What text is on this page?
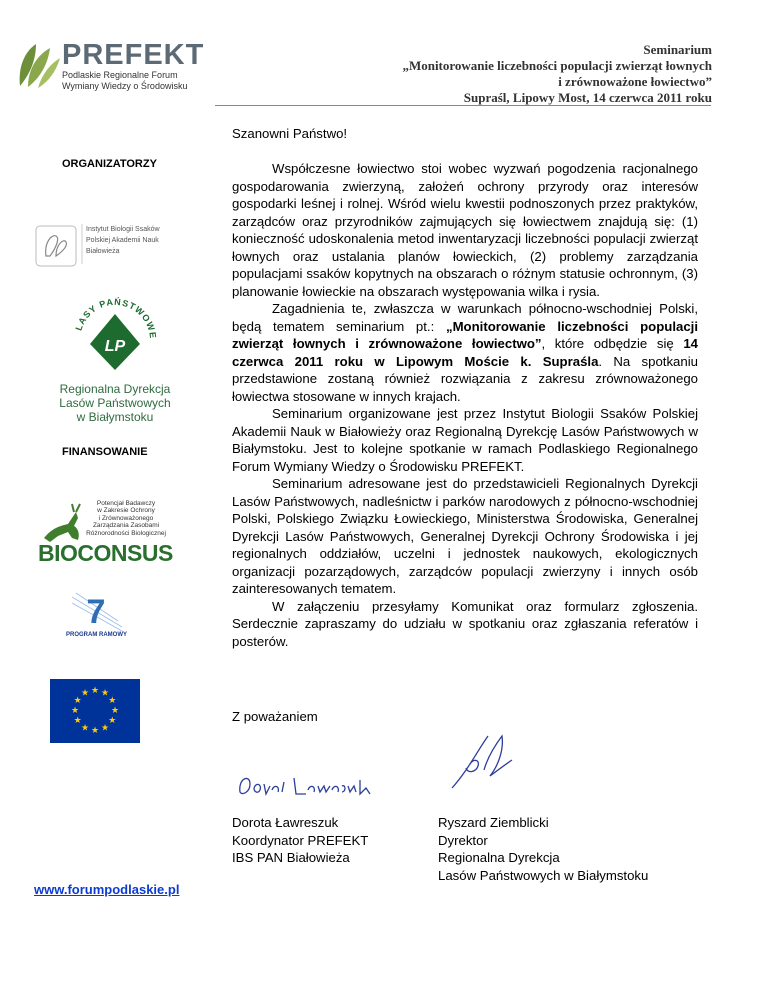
PREFEKT
Podlaskie Regionalne Forum
Wymiany Wiedzy o Środowisku
Seminarium
„Monitorowanie liczebności populacji zwierząt łownych
i zrównoważone łowiectwo”
Supraśl, Lipowy Most, 14 czerwca 2011 roku
ORGANIZATORZY
Instytut Biologii Ssaków
Polskiej Akademii Nauk
Białowieża
LASY PAŃSTWOWE
LP
Regionalna Dyrekcja
Lasów Państwowych
w Białymstoku
FINANSOWANIE
Potencjał Badawczy
w Zakresie Ochrony
i Zrównoważonego
Zarządzania Zasobami
Różnorodności Biologicznej
BIOCONSUS
7
PROGRAM RAMOWY
★ ★
★
★
★
★
★
★
★
★
★
★
www.forumpodlaskie.pl

Szanowni Państwo!

Współczesne łowiectwo stoi wobec wyzwań pogodzenia racjonalnego gospodarowania zwierzyną, założeń ochrony przyrody oraz interesów gospodarki leśnej i rolnej. Wśród wielu kwestii podnoszonych przez praktyków, zarządców oraz przyrodników zajmujących się łowiectwem znajdują się: (1) konieczność udoskonalenia metod inwentaryzacji liczebności populacji zwierząt łownych oraz ustalania planów łowieckich, (2) problemy zarządzania populacjami ssaków kopytnych na obszarach o różnym statusie ochronnym, (3) planowanie łowieckie na obszarach występowania wilka i rysia.

Zagadnienia te, zwłaszcza w warunkach północno-wschodniej Polski, będą tematem seminarium pt.: „Monitorowanie liczebności populacji zwierząt łownych i zrównoważone łowiectwo”, które odbędzie się 14 czerwca 2011 roku w Lipowym Moście k. Supraśla. Na spotkaniu przedstawione zostaną również rozwiązania z zakresu zrównoważonego łowiectwa stosowane w innych krajach.

Seminarium organizowane jest przez Instytut Biologii Ssaków Polskiej Akademii Nauk w Białowieży oraz Regionalną Dyrekcję Lasów Państwowych w Białymstoku. Jest to kolejne spotkanie w ramach Podlaskiego Regionalnego Forum Wymiany Wiedzy o Środowisku PREFEKT.

Seminarium adresowane jest do przedstawicieli Regionalnych Dyrekcji Lasów Państwowych, nadleśnictw i parków narodowych z północno-wschodniej Polski, Polskiego Związku Łowieckiego, Ministerstwa Środowiska, Generalnej Dyrekcji Lasów Państwowych, Generalnej Dyrekcji Ochrony Środowiska i jej regionalnych oddziałów, uczelni i jednostek naukowych, ekologicznych organizacji pozarządowych, zarządców populacji zwierzyny i innych osób zainteresowanych tematem.

W załączeniu przesyłamy Komunikat oraz formularz zgłoszenia. Serdecznie zapraszamy do udziału w spotkaniu oraz zgłaszania referatów i posterów.

Z poważaniem
Dorota Ławreszuk
Koordynator PREFEKT
IBS PAN Białowieża
Ryszard Ziemblicki
Dyrektor
Regionalna Dyrekcja
Lasów Państwowych w Białymstoku
